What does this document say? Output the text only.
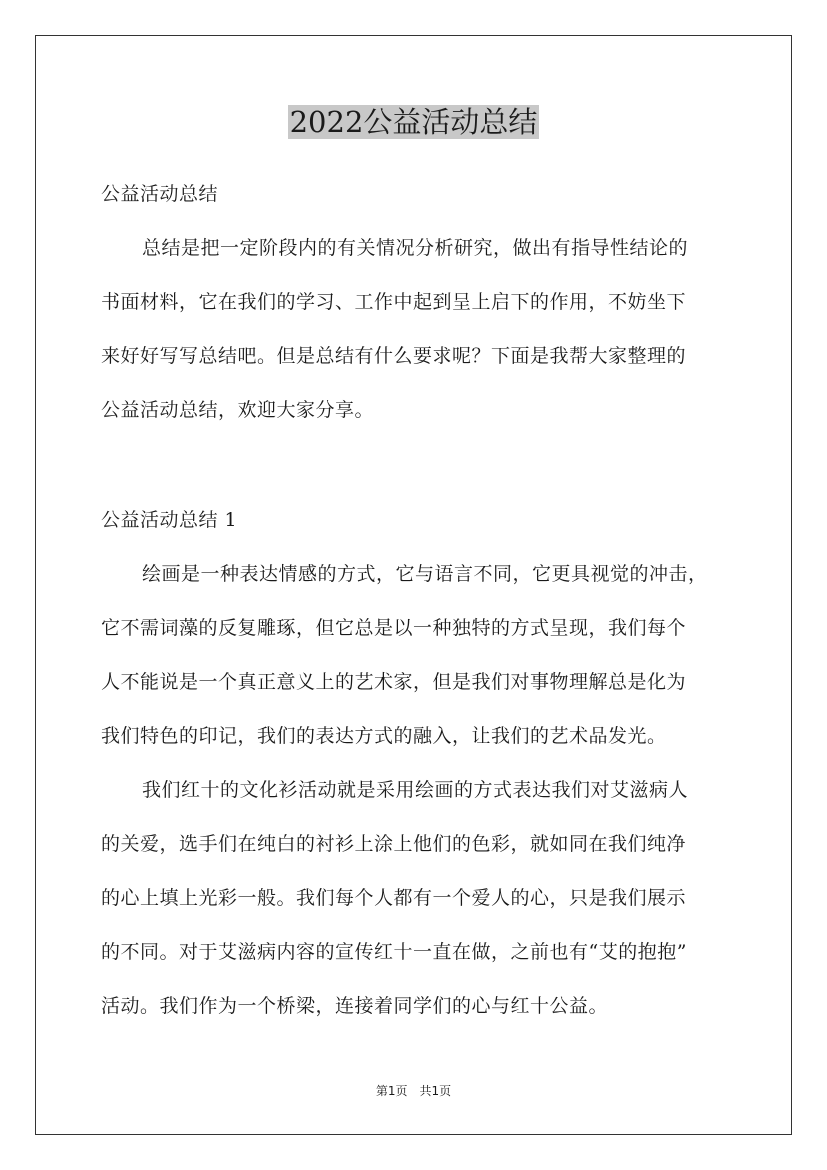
2022公益活动总结
公益活动总结
总结是把一定阶段内的有关情况分析研究，做出有指导性结论的
书面材料，它在我们的学习、工作中起到呈上启下的作用，不妨坐下
来好好写写总结吧。但是总结有什么要求呢？下面是我帮大家整理的
公益活动总结，欢迎大家分享。
公益活动总结 1
绘画是一种表达情感的方式，它与语言不同，它更具视觉的冲击，
它不需词藻的反复雕琢，但它总是以一种独特的方式呈现，我们每个
人不能说是一个真正意义上的艺术家，但是我们对事物理解总是化为
我们特色的印记，我们的表达方式的融入，让我们的艺术品发光。
我们红十的文化衫活动就是采用绘画的方式表达我们对艾滋病人
的关爱，选手们在纯白的衬衫上涂上他们的色彩，就如同在我们纯净
的心上填上光彩一般。我们每个人都有一个爱人的心，只是我们展示
的不同。对于艾滋病内容的宣传红十一直在做，之前也有“艾的抱抱”
活动。我们作为一个桥梁，连接着同学们的心与红十公益。
第1页 共1页
